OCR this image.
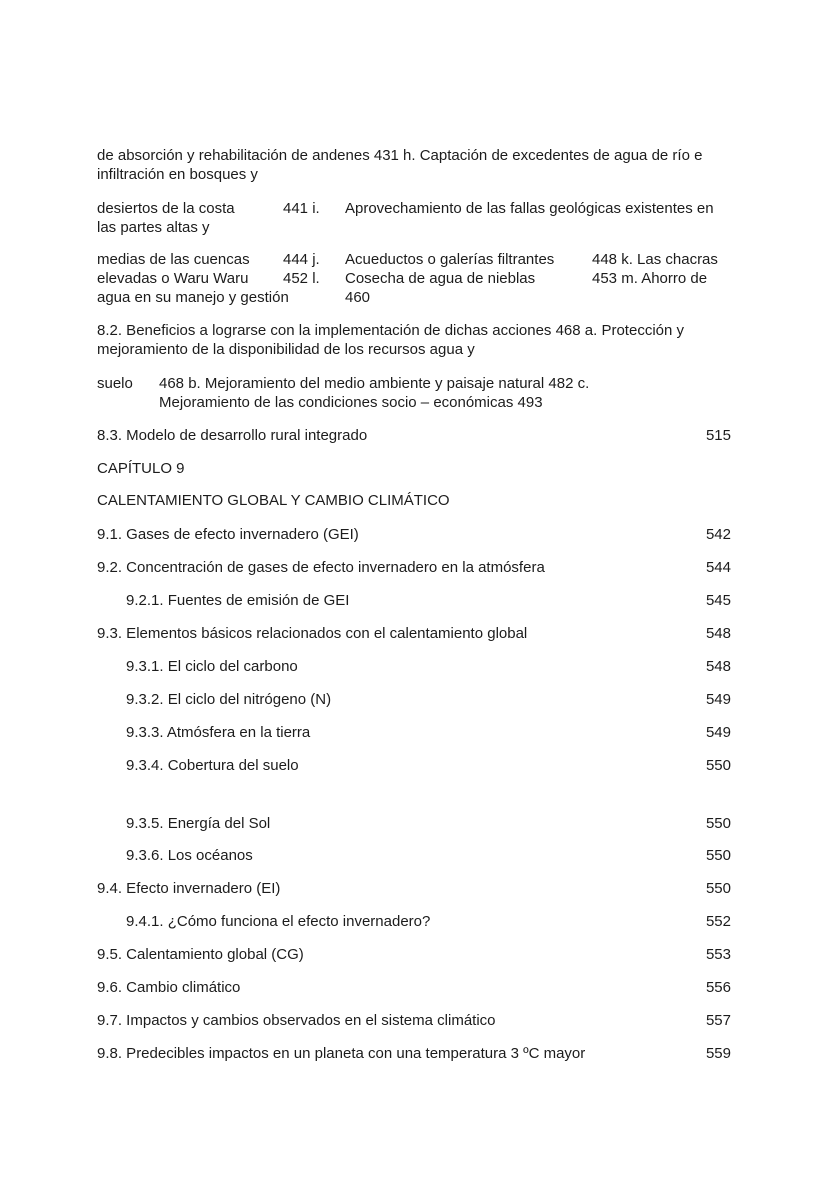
de absorción y rehabilitación de andenes 431 h. Captación de excedentes de agua de río e
infiltración en bosques y
desiertos de la costa	441 i. Aprovechamiento de las fallas geológicas existentes en
las partes altas y
medias de las cuencas 444 j. Acueductos o galerías filtrantes	448 k. Las chacras
elevadas o Waru Waru 452 l. Cosecha de agua de nieblas	453 m. Ahorro de
agua en su manejo y gestión	460
8.2. Beneficios a lograrse con la implementación de dichas acciones 468 a. Protección y
mejoramiento de la disponibilidad de los recursos agua y
suelo 468 b. Mejoramiento del medio ambiente y paisaje natural 482 c.
Mejoramiento de las condiciones socio – económicas 493
8.3. Modelo de desarrollo rural integrado	515
CAPÍTULO 9
CALENTAMIENTO GLOBAL Y CAMBIO CLIMÁTICO
9.1. Gases de efecto invernadero (GEI)	542
9.2. Concentración de gases de efecto invernadero en la atmósfera	544
9.2.1. Fuentes de emisión de GEI	545
9.3. Elementos básicos relacionados con el calentamiento global	548
9.3.1. El ciclo del carbono	548
9.3.2. El ciclo del nitrógeno (N)	549
9.3.3. Atmósfera en la tierra	549
9.3.4. Cobertura del suelo	550
9.3.5. Energía del Sol	550
9.3.6. Los océanos	550
9.4. Efecto invernadero (EI)	550
9.4.1. ¿Cómo funciona el efecto invernadero?	552
9.5. Calentamiento global (CG)	553
9.6. Cambio climático	556
9.7. Impactos y cambios observados en el sistema climático	557
9.8. Predecibles impactos en un planeta con una temperatura 3 ºC mayor	559
